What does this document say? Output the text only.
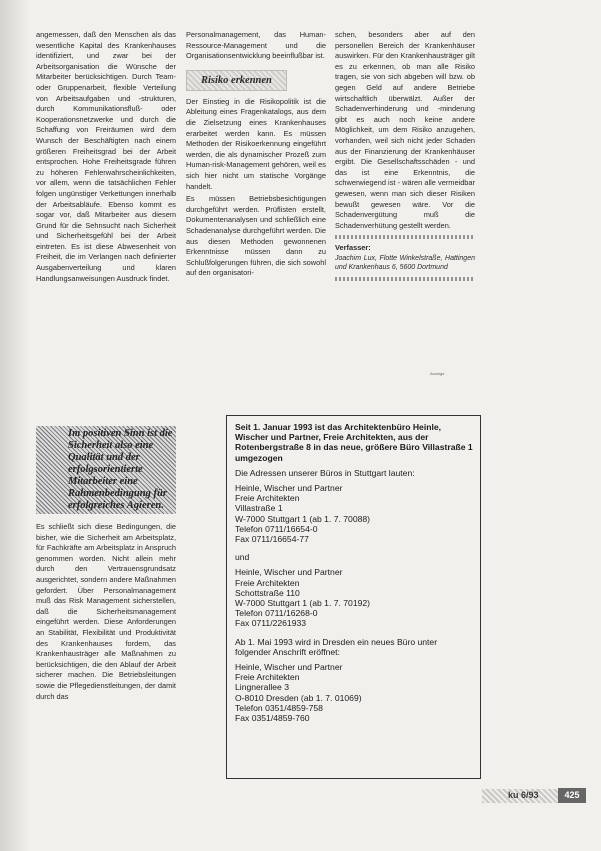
angemessen, daß den Menschen als das wesentliche Kapital des Krankenhauses identifiziert, und zwar bei der Arbeitsorganisation die Wünsche der Mitarbeiter berücksichtigen. Durch Team- oder Gruppenarbeit, flexible Verteilung von Arbeitsaufgaben und -strukturen, durch Kommunikationsfluß- oder Kooperationsnetzwerke und durch die Schaffung von Freiräumen wird dem Wunsch der Beschäftigten nach einem größeren Freiheitsgrad bei der Arbeit entsprochen. Hohe Freiheitsgrade führen zu höheren Fehlerwahrscheinlichkeiten, vor allem, wenn die tatsächlichen Fehler folgen ungünstiger Verkettungen innerhalb der Arbeitsabläufe. Ebenso kommt es sogar vor, daß Mitarbeiter aus diesem Grund für die Sehnsucht nach Sicherheit und Sicherheitsgefühl bei der Arbeit eintreten. Es ist diese Abwesenheit von Freiheit, die im Verlangen nach definierter Ausgabenverteilung und klaren Handlungsanweisungen Ausdruck findet.

Personalmanagement, das Human-Ressource-Management und die Organisationsentwicklung beeinflußbar ist.

Risiko erkennen

Der Einstieg in die Risikopolitik ist die Ableitung eines Fragenkatalogs, aus dem die Zielsetzung eines Krankenhauses erarbeitet werden kann. Es müssen Methoden der Risikoerkennung eingeführt werden, die als dynamischer Prozeß zum Human-risk-Management gehören, weil es sich hier nicht um statische Vorgänge handelt.

Es müssen Betriebsbesichtigungen durchgeführt werden. Prüflisten erstellt, Dokumentenanalysen und schließlich eine Schadenanalyse durchgeführt werden. Die aus diesen Methoden gewonnenen Erkenntnisse müssen dann zu Schlußfolgerungen führen, die sich sowohl auf den organisatori-

schen, besonders aber auf den personellen Bereich der Krankenhäuser auswirken. Für den Krankenhausträger gilt es zu erkennen, ob man alle Risiko tragen, sie von sich abgeben will bzw. ob gegen Geld auf andere Betriebe wirtschaftlich überwälzt. Außer der Schadenverhinderung und -minderung gibt es auch noch keine andere Möglichkeit, um dem Risiko anzugehen, vorhanden, weil sich nicht jeder Schaden aus der Finanzierung der Krankenhäuser ergibt. Die Gesellschaftsschäden - und das ist eine Erkenntnis, die schwerwiegend ist - wären alle vermeidbar gewesen, wenn man sich dieser Risiken bewußt gewesen wäre. Vor die Schadenvergütung muß die Schadenverhütung gestellt werden.

Verfasser:
Joachim Lux, Flotte Winkelstraße, Hattingen und Krankenhaus 6, 5600 Dortmund
Anzeige
Im positiven Sinn ist die Sicherheit also eine Qualität und der erfolgsorientierte Mitarbeiter eine Rahmenbedingung für erfolgreiches Agieren.

Es schließt sich diese Bedingungen, die bisher, wie die Sicherheit am Arbeitsplatz, für Fachkräfte am Arbeitsplatz in Anspruch genommen worden. Nicht allein mehr durch den Vertrauensgrundsatz ausgerichtet, sondern andere Maßnahmen gefordert. Über Personalmanagement muß das Risk Management sicherstellen, daß die Sicherheitsmanagement eingeführt werden. Diese Anforderungen an Stabilität, Flexibilität und Produktivität des Krankenhauses fordern, das Krankenhausträger alle Maßnahmen zu berücksichtigen, die den Ablauf der Arbeit sicherer machen. Die Betriebsleitungen sowie die Pflegedienstleitungen, der damit durch das

Seit 1. Januar 1993 ist das Architektenbüro Heinle, Wischer und Partner, Freie Architekten, aus der Rotenbergstraße 8 in das neue, größere Büro Villastraße 1 umgezogen

Die Adressen unserer Büros in Stuttgart lauten:

Heinle, Wischer und Partner
Freie Architekten
Villastraße 1
W-7000 Stuttgart 1 (ab 1. 7. 70088)
Telefon 0711/16654-0
Fax 0711/16654-77

und

Heinle, Wischer und Partner
Freie Architekten
Schottstraße 110
W-7000 Stuttgart 1 (ab 1. 7. 70192)
Telefon 0711/16268-0
Fax 0711/2261933

Ab 1. Mai 1993 wird in Dresden ein neues Büro unter folgender Anschrift eröffnet:

Heinle, Wischer und Partner
Freie Architekten
Lingnerallee 3
O-8010 Dresden (ab 1. 7. 01069)
Telefon 0351/4859-758
Fax 0351/4859-760
ku 6/93	425
